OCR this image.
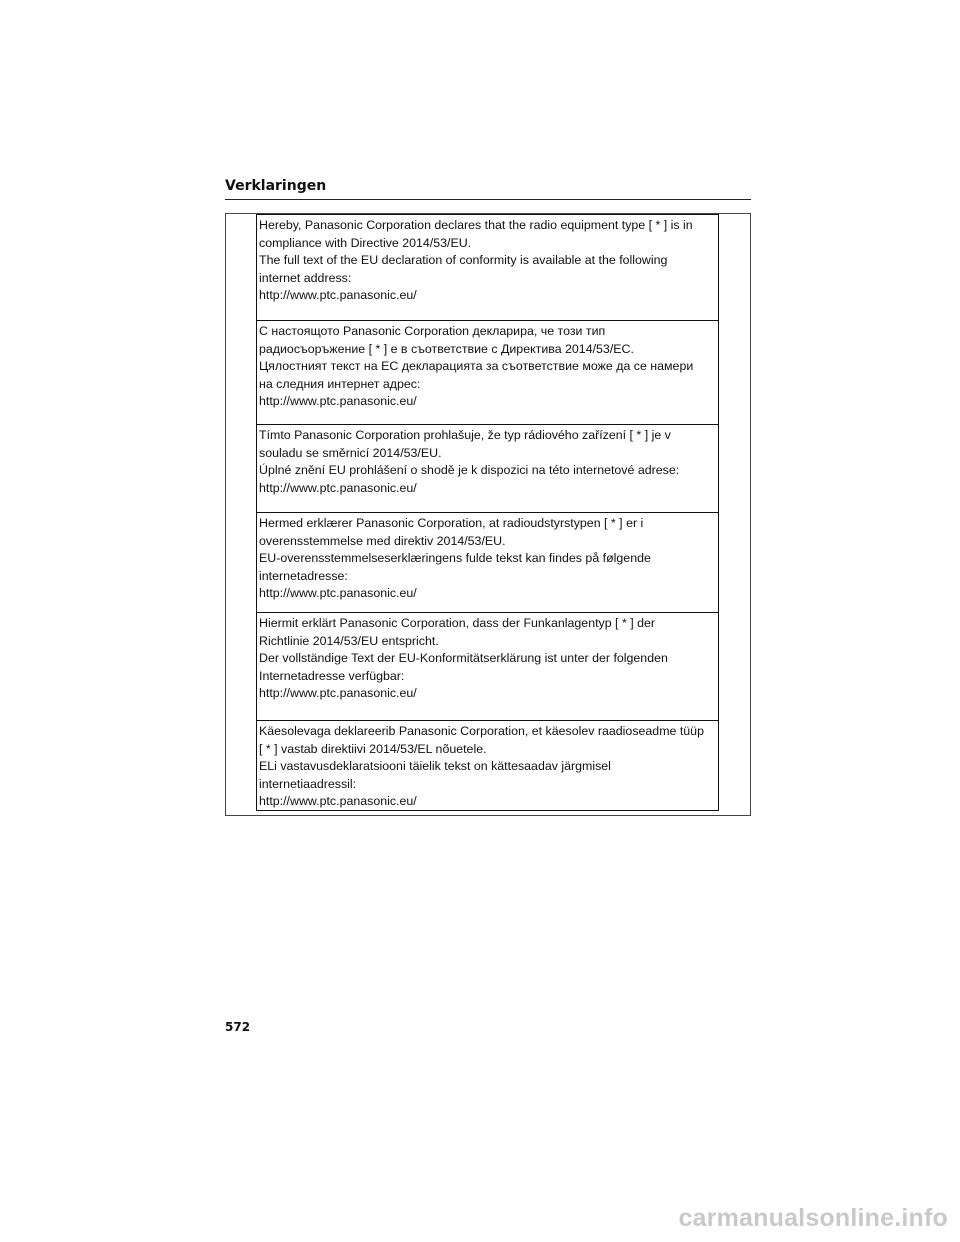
Verklaringen
Hereby, Panasonic Corporation declares that the radio equipment type [ * ] is in
compliance with Directive 2014/53/EU.
The full text of the EU declaration of conformity is available at the following
internet address:
http://www.ptc.panasonic.eu/
С настоящото Panasonic Corporation декларира, че този тип
радиосъоръжение [ * ] е в съответствие с Директива 2014/53/ЕС.
Цялостният текст на ЕС декларацията за съответствие може да се намери
на следния интернет адрес:
http://www.ptc.panasonic.eu/
Tímto Panasonic Corporation prohlašuje, že typ rádiového zařízení [ * ] je v
souladu se směrnicí 2014/53/EU.
Úplné znění EU prohlášení o shodě je k dispozici na této internetové adrese:
http://www.ptc.panasonic.eu/
Hermed erklærer Panasonic Corporation, at radioudstyrstypen [ * ] er i
overensstemmelse med direktiv 2014/53/EU.
EU-overensstemmelseserklæringens fulde tekst kan findes på følgende
internetadresse:
http://www.ptc.panasonic.eu/
Hiermit erklärt Panasonic Corporation, dass der Funkanlagentyp [ * ] der
Richtlinie 2014/53/EU entspricht.
Der vollständige Text der EU-Konformitätserklärung ist unter der folgenden
Internetadresse verfügbar:
http://www.ptc.panasonic.eu/
Käesolevaga deklareerib Panasonic Corporation, et käesolev raadioseadme tüüp
[ * ] vastab direktiivi 2014/53/EL nõuetele.
ELi vastavusdeklaratsiooni täielik tekst on kättesaadav järgmisel
internetiaadressil:
http://www.ptc.panasonic.eu/
572
carmanualsonline.info
